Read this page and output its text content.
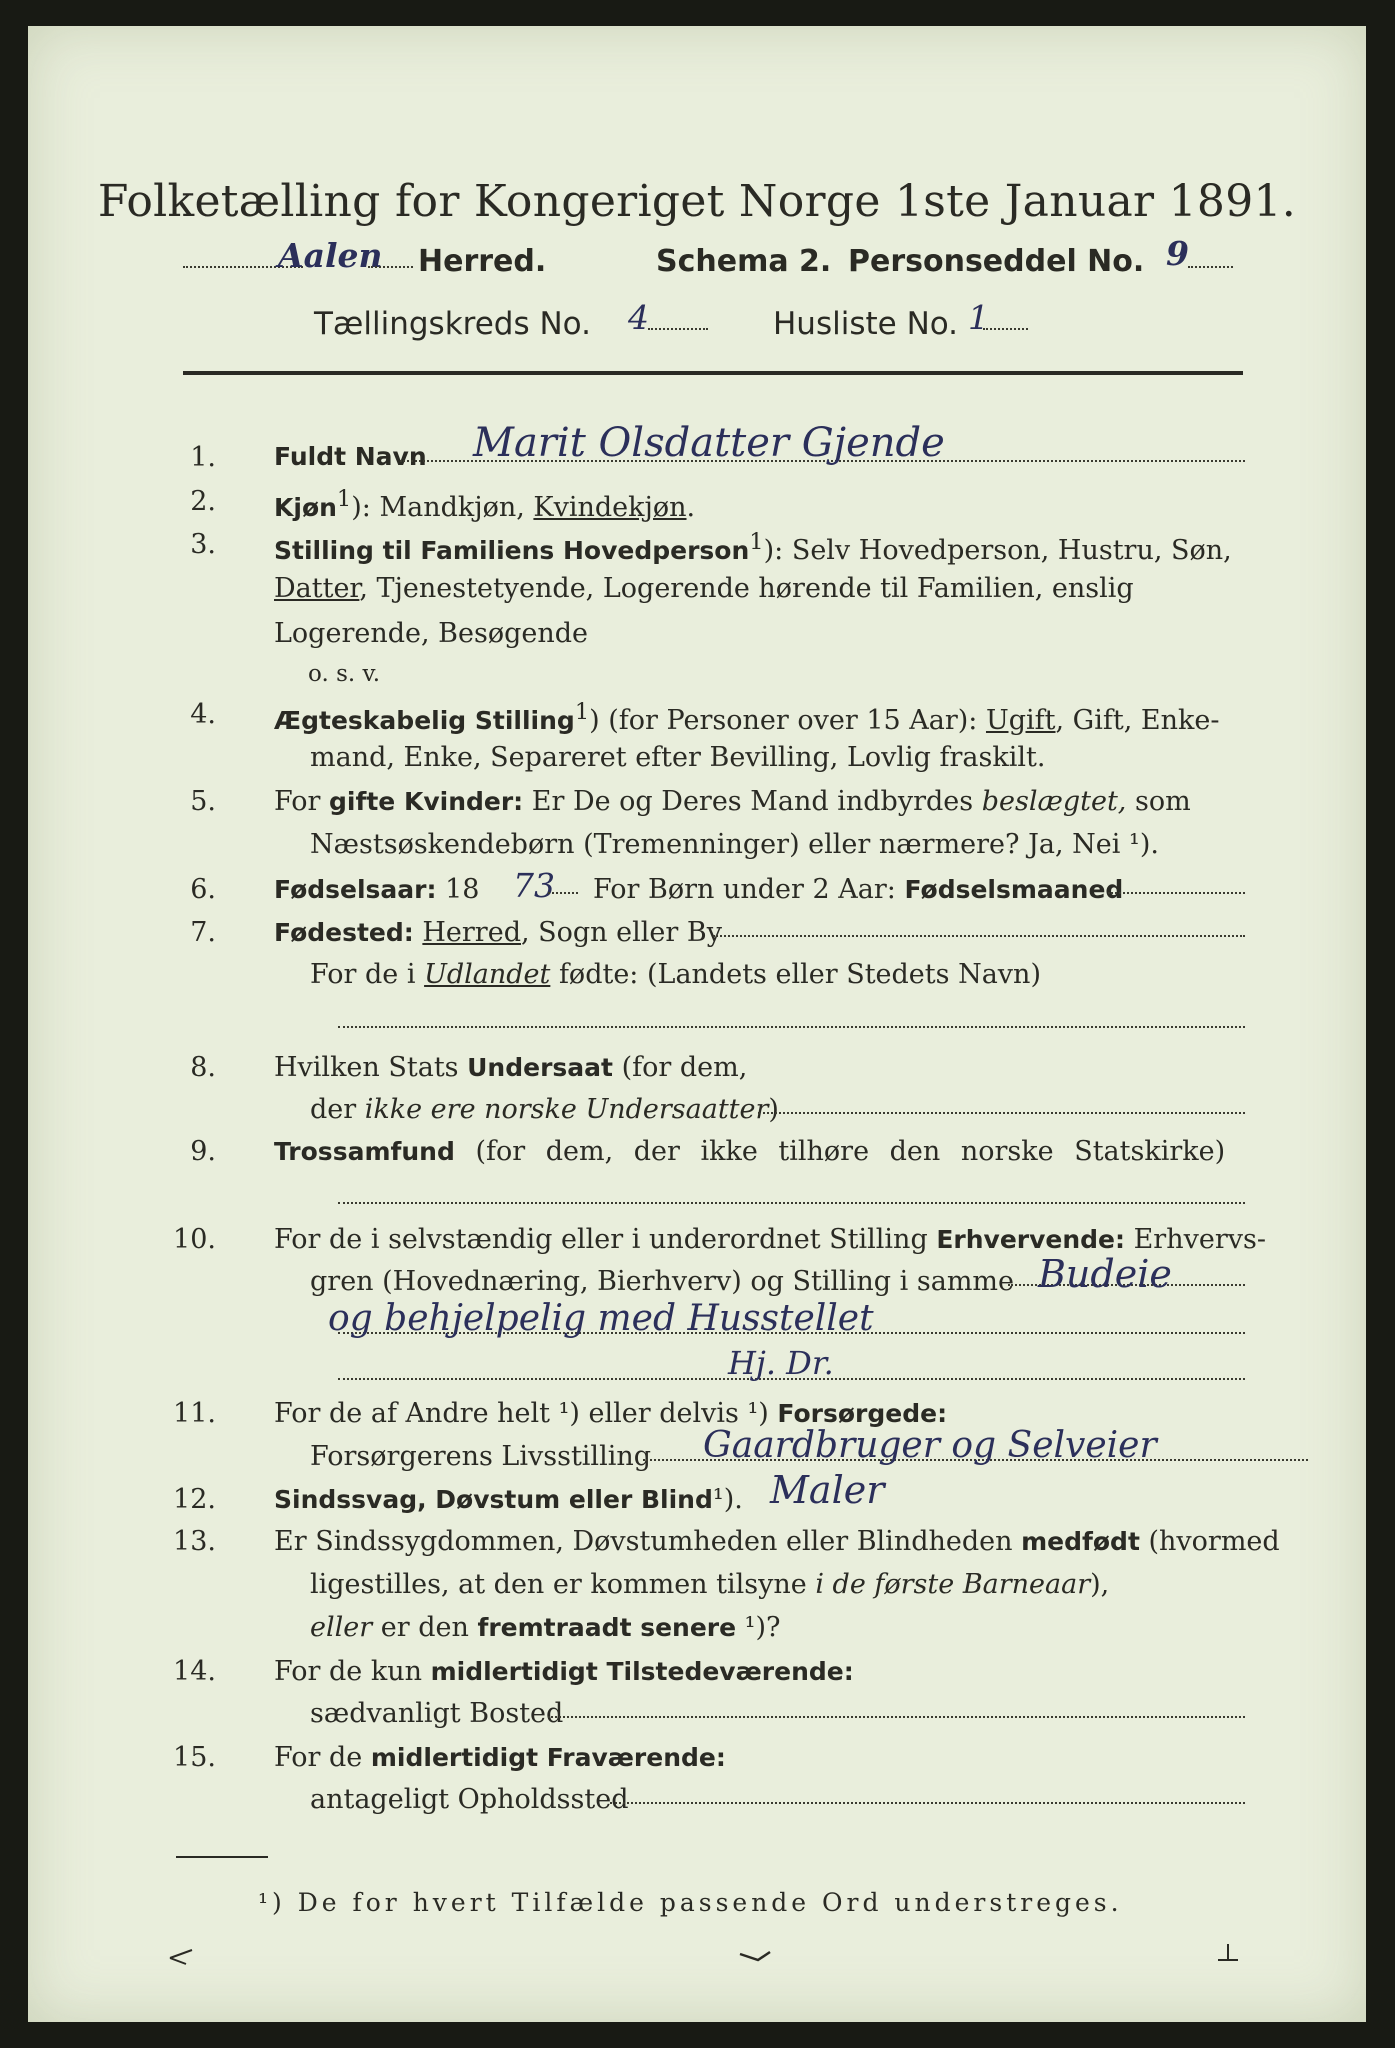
Folketælling for Kongeriget Norge 1ste Januar 1891.
Aalen Herred.	Schema 2. Personseddel No. 9
Tællingskreds No. 4	Husliste No. 1
1. Fuldt Navn Marit Olsdatter Gjende
2. Kjøn$^1$): Mandkjøn, Kvindekjøn.
3. Stilling til Familiens Hovedperson$^1$): Selv Hovedperson, Hustru, Søn,
Datter, Tjenestetyende, Logerende hørende til Familien, enslig
Logerende, Besøgende
o. s. v.
4. Ægteskabelig Stilling$^1$) (for Personer over 15 Aar): Ugift, Gift, Enke-
mand, Enke, Separeret efter Bevilling, Lovlig fraskilt.
5. For gifte Kvinder: Er De og Deres Mand indbyrdes beslægtet, som
Næstsøskendebørn (Tremenninger) eller nærmere? Ja, Nei ¹).
6. Fødselsaar: 18 73 For Børn under 2 Aar: Fødselsmaaned
7. Fødested: Herred, Sogn eller By
For de i Udlandet fødte: (Landets eller Stedets Navn)
8. Hvilken Stats Undersaat (for dem,
der ikke ere norske Undersaatter)
9. Trossamfund (for dem, der ikke tilhøre den norske Statskirke)
10. For de i selvstændig eller i underordnet Stilling Erhvervende: Erhvervs-
gren (Hovednæring, Bierhverv) og Stilling i samme Budeie
og behjelpelig med Husstellet
Hj. Dr.
11. For de af Andre helt ¹) eller delvis ¹) Forsørgede:
Forsørgerens Livsstilling Gaardbruger og Selveier
12. Sindssvag, Døvstum eller Blind¹). Maler
13. Er Sindssygdommen, Døvstumheden eller Blindheden medfødt (hvormed
ligestilles, at den er kommen tilsyne i de første Barneaar),
eller er den fremtraadt senere ¹)?
14. For de kun midlertidigt Tilstedeværende:
sædvanligt Bosted
15. For de midlertidigt Fraværende:
antageligt Opholdssted
¹) De for hvert Tilfælde passende Ord understreges.
